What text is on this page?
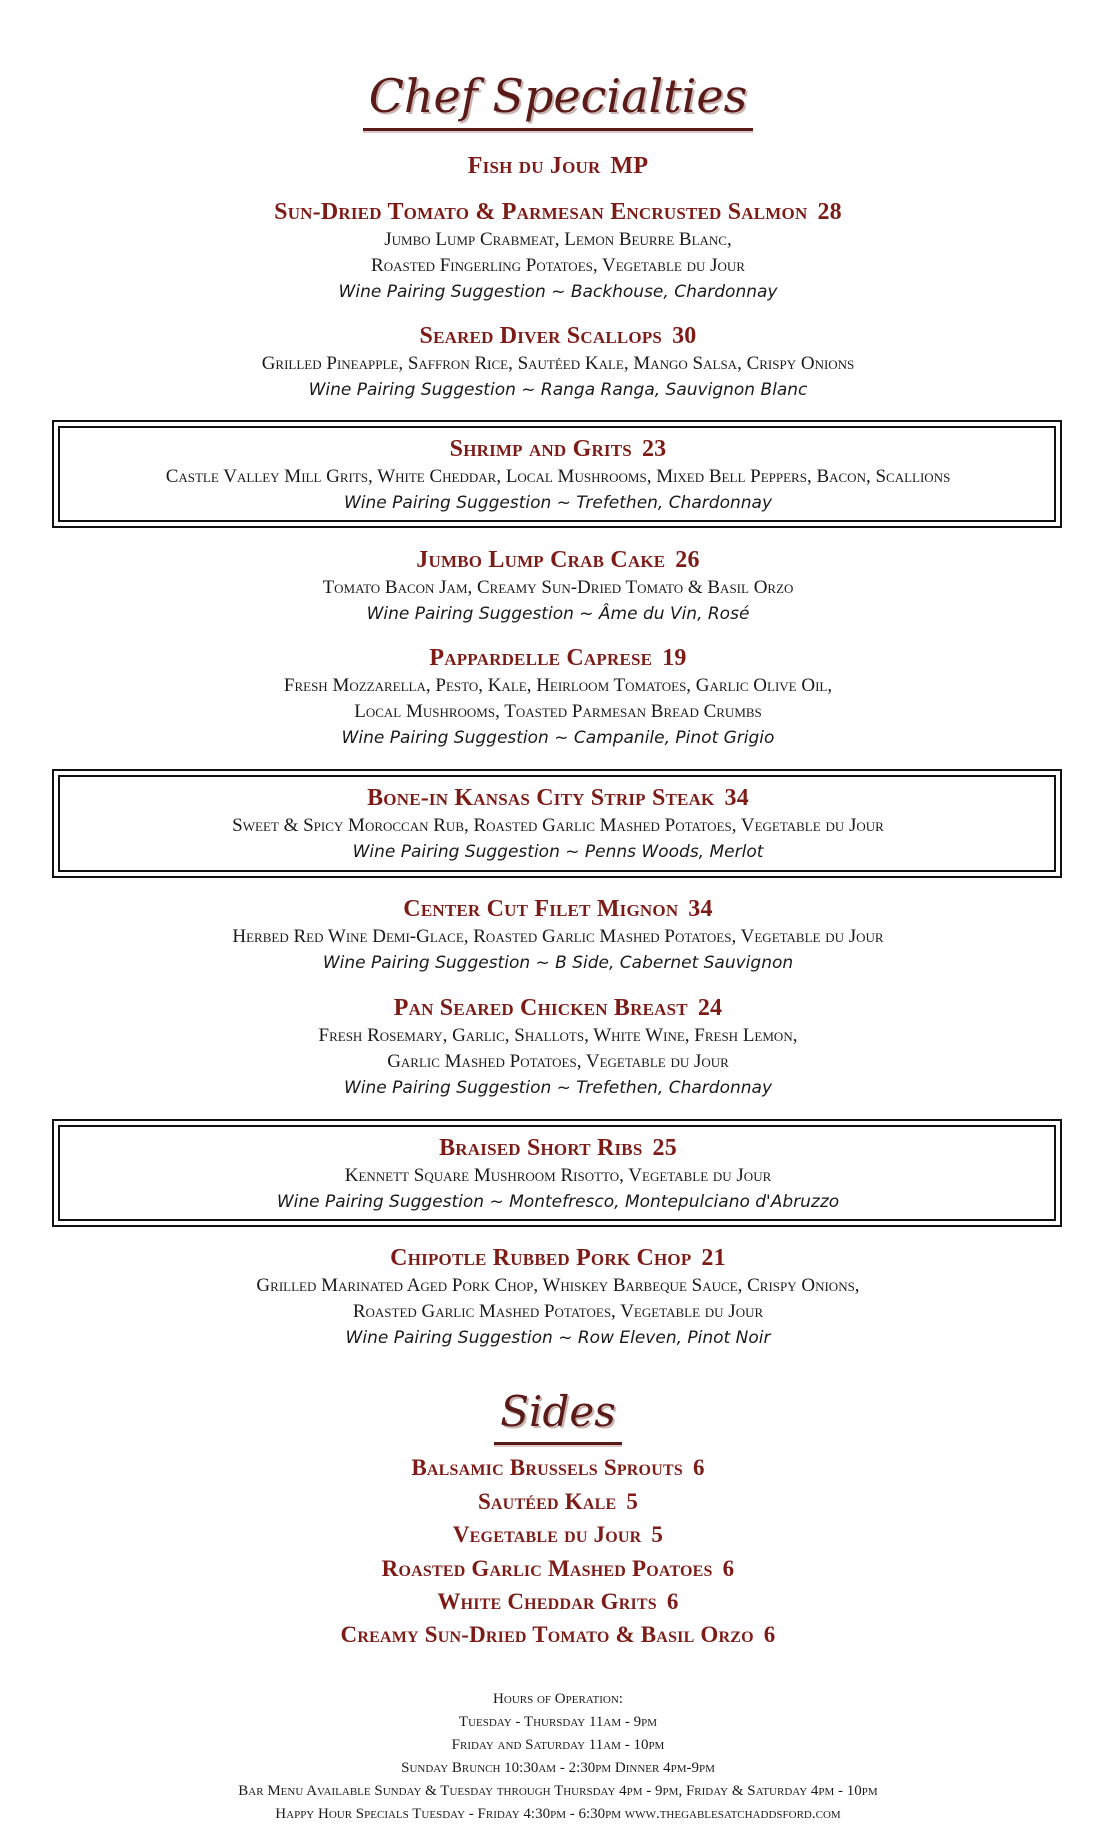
Chef Specialties
Fish du Jour MP
Sun-Dried Tomato & Parmesan Encrusted Salmon 28
Jumbo Lump Crabmeat, Lemon Beurre Blanc,
Roasted Fingerling Potatoes, Vegetable du Jour
Wine Pairing Suggestion ~ Backhouse, Chardonnay
Seared Diver Scallops 30
Grilled Pineapple, Saffron Rice, Sautéed Kale, Mango Salsa, Crispy Onions
Wine Pairing Suggestion ~ Ranga Ranga, Sauvignon Blanc
Shrimp and Grits 23
Castle Valley Mill Grits, White Cheddar, Local Mushrooms, Mixed Bell Peppers, Bacon, Scallions
Wine Pairing Suggestion ~ Trefethen, Chardonnay
Jumbo Lump Crab Cake 26
Tomato Bacon Jam, Creamy Sun-Dried Tomato & Basil Orzo
Wine Pairing Suggestion ~ Âme du Vin, Rosé
Pappardelle Caprese 19
Fresh Mozzarella, Pesto, Kale, Heirloom Tomatoes, Garlic Olive Oil,
Local Mushrooms, Toasted Parmesan Bread Crumbs
Wine Pairing Suggestion ~ Campanile, Pinot Grigio
Bone-in Kansas City Strip Steak 34
Sweet & Spicy Moroccan Rub, Roasted Garlic Mashed Potatoes, Vegetable du Jour
Wine Pairing Suggestion ~ Penns Woods, Merlot
Center Cut Filet Mignon 34
Herbed Red Wine Demi-Glace, Roasted Garlic Mashed Potatoes, Vegetable du Jour
Wine Pairing Suggestion ~ B Side, Cabernet Sauvignon
Pan Seared Chicken Breast 24
Fresh Rosemary, Garlic, Shallots, White Wine, Fresh Lemon,
Garlic Mashed Potatoes, Vegetable du Jour
Wine Pairing Suggestion ~ Trefethen, Chardonnay
Braised Short Ribs 25
Kennett Square Mushroom Risotto, Vegetable du Jour
Wine Pairing Suggestion ~ Montefresco, Montepulciano d'Abruzzo
Chipotle Rubbed Pork Chop 21
Grilled Marinated Aged Pork Chop, Whiskey Barbeque Sauce, Crispy Onions,
Roasted Garlic Mashed Potatoes, Vegetable du Jour
Wine Pairing Suggestion ~ Row Eleven, Pinot Noir
Sides
Balsamic Brussels Sprouts 6
Sautéed Kale 5
Vegetable du Jour 5
Roasted Garlic Mashed Poatoes 6
White Cheddar Grits 6
Creamy Sun-Dried Tomato & Basil Orzo 6
Hours of Operation:
Tuesday - Thursday 11am - 9pm
Friday and Saturday 11am - 10pm
Sunday Brunch 10:30am - 2:30pm Dinner 4pm-9pm
Bar Menu Available Sunday & Tuesday through Thursday 4pm - 9pm, Friday & Saturday 4pm - 10pm
Happy Hour Specials Tuesday - Friday 4:30pm - 6:30pm www.thegablesatchaddsford.com
